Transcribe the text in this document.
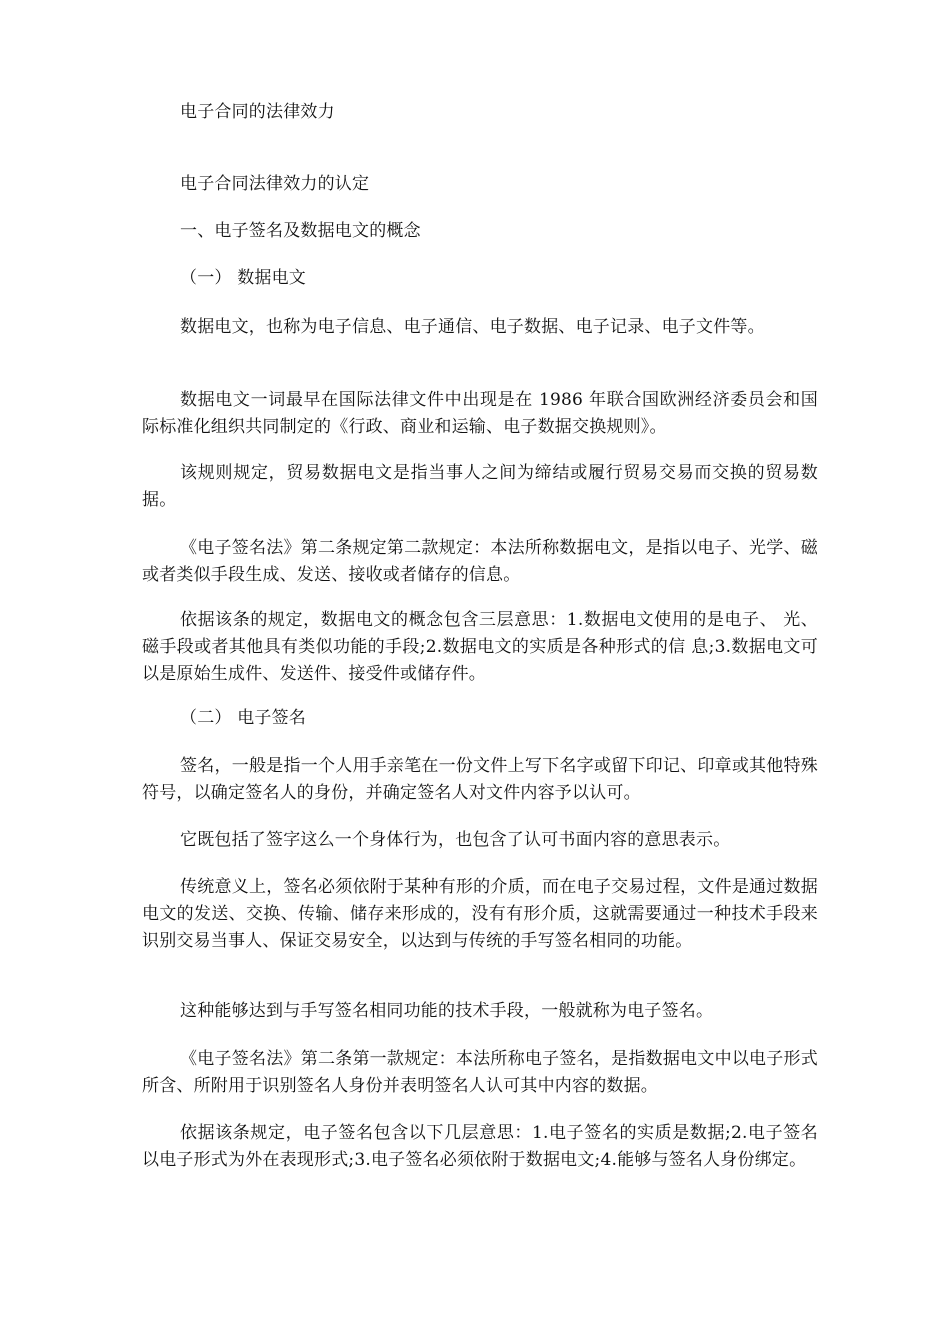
电子合同的法律效力
电子合同法律效力的认定
一、电子签名及数据电文的概念
（一） 数据电文
数据电文，也称为电子信息、电子通信、电子数据、电子记录、电子文件等。
数据电文一词最早在国际法律文件中出现是在 1986 年联合国欧洲经济委员会和国际标准化组织共同制定的《行政、商业和运输、电子数据交换规则》。
该规则规定，贸易数据电文是指当事人之间为缔结或履行贸易交易而交换的贸易数据。
《电子签名法》第二条规定第二款规定：本法所称数据电文，是指以电子、光学、磁或者类似手段生成、发送、接收或者储存的信息。
依据该条的规定，数据电文的概念包含三层意思：1.数据电文使用的是电子、 光、磁手段或者其他具有类似功能的手段;2.数据电文的实质是各种形式的信 息;3.数据电文可以是原始生成件、发送件、接受件或储存件。
（二） 电子签名
签名，一般是指一个人用手亲笔在一份文件上写下名字或留下印记、印章或其他特殊符号，以确定签名人的身份，并确定签名人对文件内容予以认可。
它既包括了签字这么一个身体行为，也包含了认可书面内容的意思表示。
传统意义上，签名必须依附于某种有形的介质，而在电子交易过程，文件是通过数据电文的发送、交换、传输、储存来形成的，没有有形介质，这就需要通过一种技术手段来识别交易当事人、保证交易安全，以达到与传统的手写签名相同的功能。
这种能够达到与手写签名相同功能的技术手段，一般就称为电子签名。
《电子签名法》第二条第一款规定：本法所称电子签名，是指数据电文中以电子形式所含、所附用于识别签名人身份并表明签名人认可其中内容的数据。
依据该条规定，电子签名包含以下几层意思：1.电子签名的实质是数据;2.电子签名以电子形式为外在表现形式;3.电子签名必须依附于数据电文;4.能够与签名人身份绑定。
